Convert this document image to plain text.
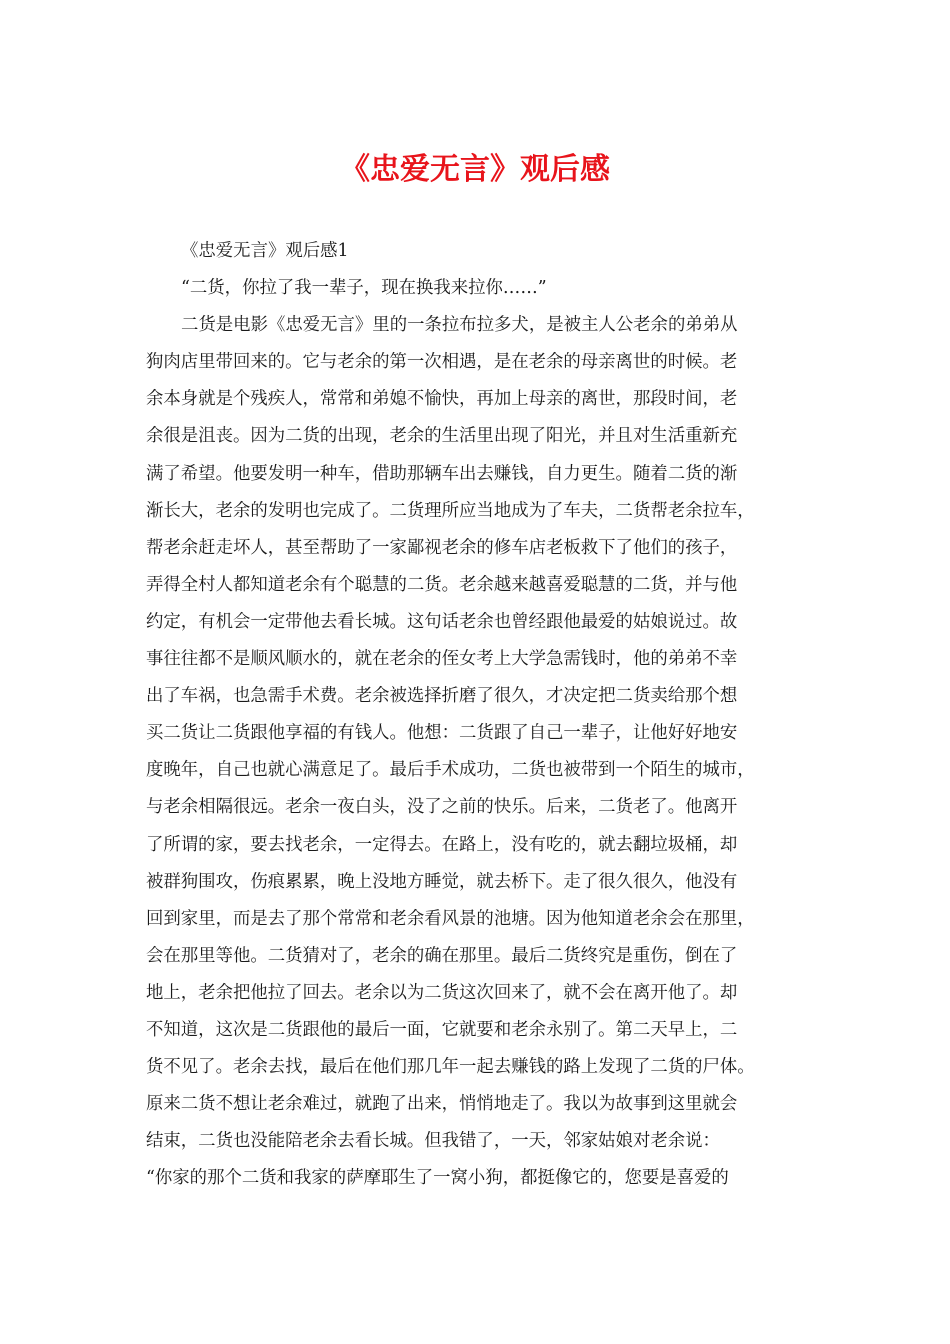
《忠爱无言》观后感
《忠爱无言》观后感1
“二货，你拉了我一辈子，现在换我来拉你……”
二货是电影《忠爱无言》里的一条拉布拉多犬，是被主人公老余的弟弟从
狗肉店里带回来的。它与老余的第一次相遇，是在老余的母亲离世的时候。老
余本身就是个残疾人，常常和弟媳不愉快，再加上母亲的离世，那段时间，老
余很是沮丧。因为二货的出现，老余的生活里出现了阳光，并且对生活重新充
满了希望。他要发明一种车，借助那辆车出去赚钱，自力更生。随着二货的渐
渐长大，老余的发明也完成了。二货理所应当地成为了车夫，二货帮老余拉车，
帮老余赶走坏人，甚至帮助了一家鄙视老余的修车店老板救下了他们的孩子，
弄得全村人都知道老余有个聪慧的二货。老余越来越喜爱聪慧的二货，并与他
约定，有机会一定带他去看长城。这句话老余也曾经跟他最爱的姑娘说过。故
事往往都不是顺风顺水的，就在老余的侄女考上大学急需钱时，他的弟弟不幸
出了车祸，也急需手术费。老余被选择折磨了很久，才决定把二货卖给那个想
买二货让二货跟他享福的有钱人。他想：二货跟了自己一辈子，让他好好地安
度晚年，自己也就心满意足了。最后手术成功，二货也被带到一个陌生的城市，
与老余相隔很远。老余一夜白头，没了之前的快乐。后来，二货老了。他离开
了所谓的家，要去找老余，一定得去。在路上，没有吃的，就去翻垃圾桶，却
被群狗围攻，伤痕累累，晚上没地方睡觉，就去桥下。走了很久很久，他没有
回到家里，而是去了那个常常和老余看风景的池塘。因为他知道老余会在那里，
会在那里等他。二货猜对了，老余的确在那里。最后二货终究是重伤，倒在了
地上，老余把他拉了回去。老余以为二货这次回来了，就不会在离开他了。却
不知道，这次是二货跟他的最后一面，它就要和老余永别了。第二天早上，二
货不见了。老余去找，最后在他们那几年一起去赚钱的路上发现了二货的尸体。
原来二货不想让老余难过，就跑了出来，悄悄地走了。我以为故事到这里就会
结束，二货也没能陪老余去看长城。但我错了，一天，邻家姑娘对老余说：
“你家的那个二货和我家的萨摩耶生了一窝小狗，都挺像它的，您要是喜爱的
